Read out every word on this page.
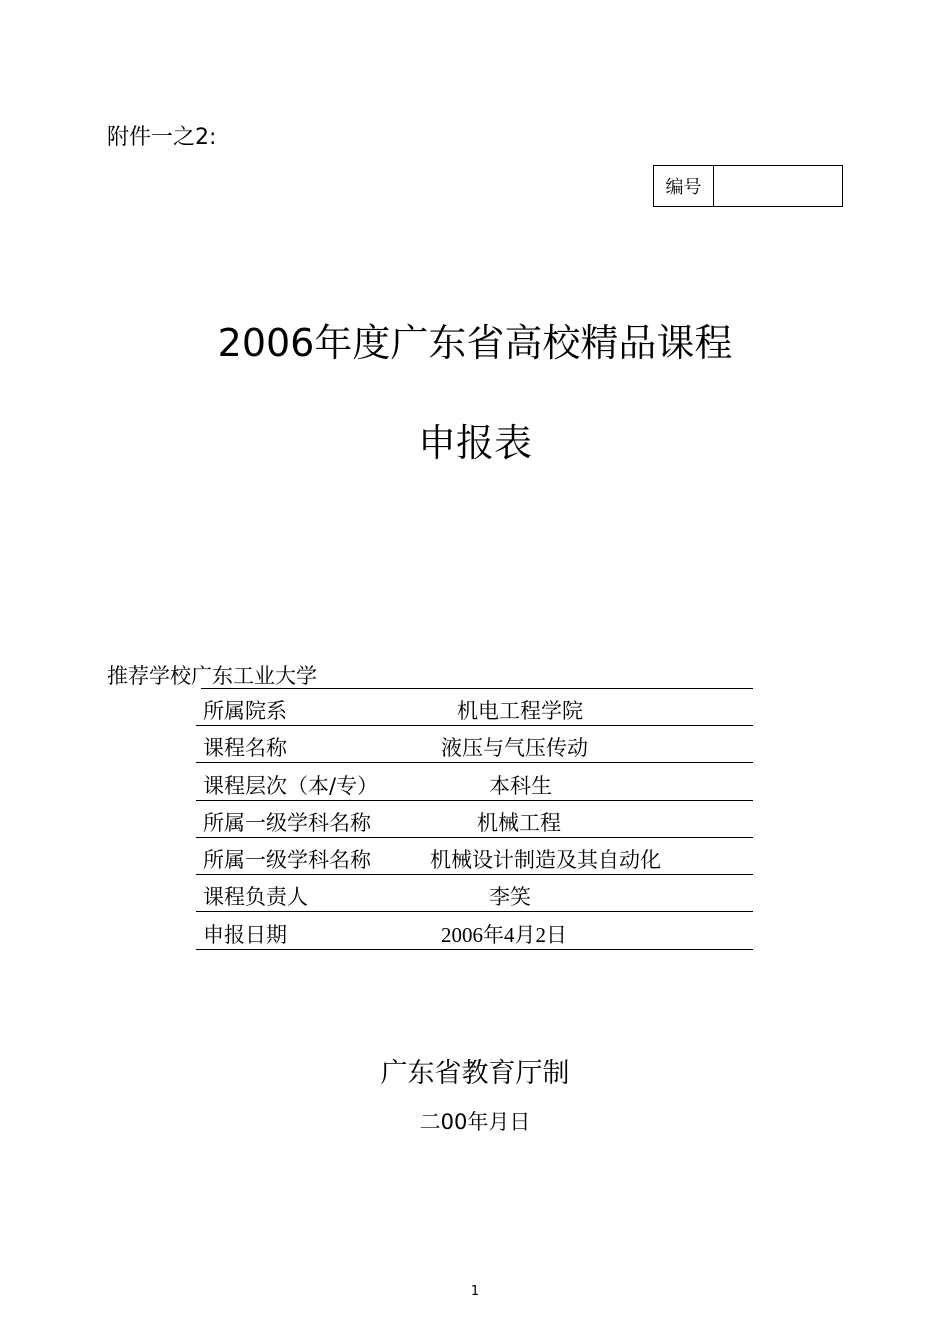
附件一之2:
编号
2006年度广东省高校精品课程
申报表
推荐学校广东工业大学
所属院系	机电工程学院
课程名称	液压与气压传动
课程层次（本/专）	本科生
所属一级学科名称	机械工程
所属一级学科名称	机械设计制造及其自动化
课程负责人	李笑
申报日期	2006年4月2日
广东省教育厅制
二00年月日
1
